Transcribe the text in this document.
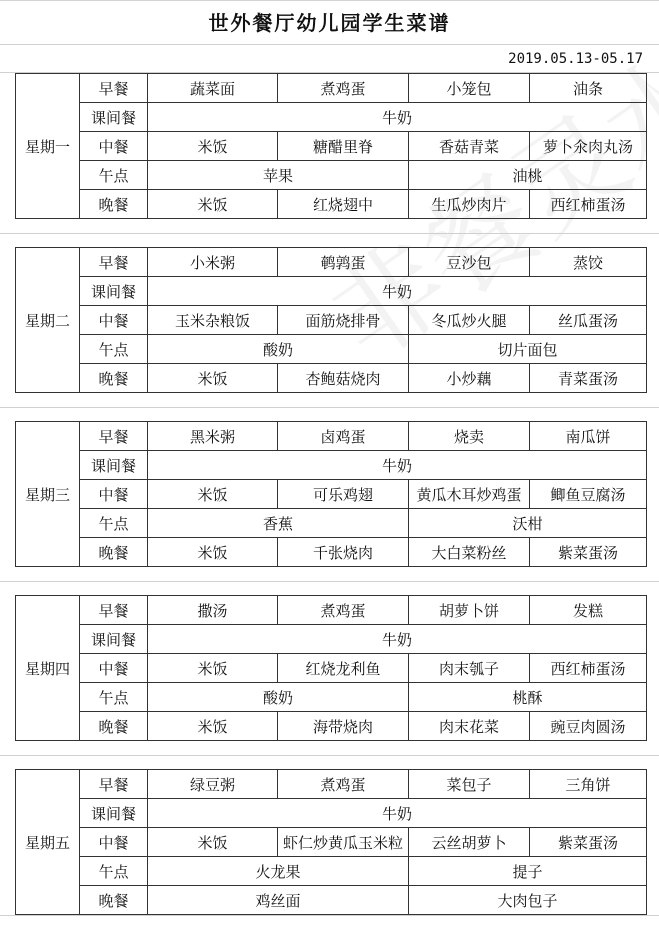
世外餐厅幼儿园学生菜谱
2019.05.13-05.17
星期一	早餐	蔬菜面	煮鸡蛋	小笼包	油条
	课间餐	牛奶			
	中餐	米饭	糖醋里脊	香菇青菜	萝卜氽肉丸汤
	午点	苹果		油桃	
	晚餐	米饭	红烧翅中	生瓜炒肉片	西红柿蛋汤
星期二	早餐	小米粥	鹌鹑蛋	豆沙包	蒸饺
	课间餐	牛奶			
	中餐	玉米杂粮饭	面筋烧排骨	冬瓜炒火腿	丝瓜蛋汤
	午点	酸奶		切片面包	
	晚餐	米饭	杏鲍菇烧肉	小炒藕	青菜蛋汤
星期三	早餐	黑米粥	卤鸡蛋	烧卖	南瓜饼
	课间餐	牛奶			
	中餐	米饭	可乐鸡翅	黄瓜木耳炒鸡蛋	鲫鱼豆腐汤
	午点	香蕉		沃柑	
	晚餐	米饭	千张烧肉	大白菜粉丝	紫菜蛋汤
星期四	早餐	撒汤	煮鸡蛋	胡萝卜饼	发糕
	课间餐	牛奶			
	中餐	米饭	红烧龙利鱼	肉末瓠子	西红柿蛋汤
	午点	酸奶		桃酥	
	晚餐	米饭	海带烧肉	肉末花菜	豌豆肉圆汤
星期五	早餐	绿豆粥	煮鸡蛋	菜包子	三角饼
	课间餐	牛奶			
	中餐	米饭	虾仁炒黄瓜玉米粒	云丝胡萝卜	紫菜蛋汤
	午点	火龙果		提子	
	晚餐	鸡丝面		大肉包子	
